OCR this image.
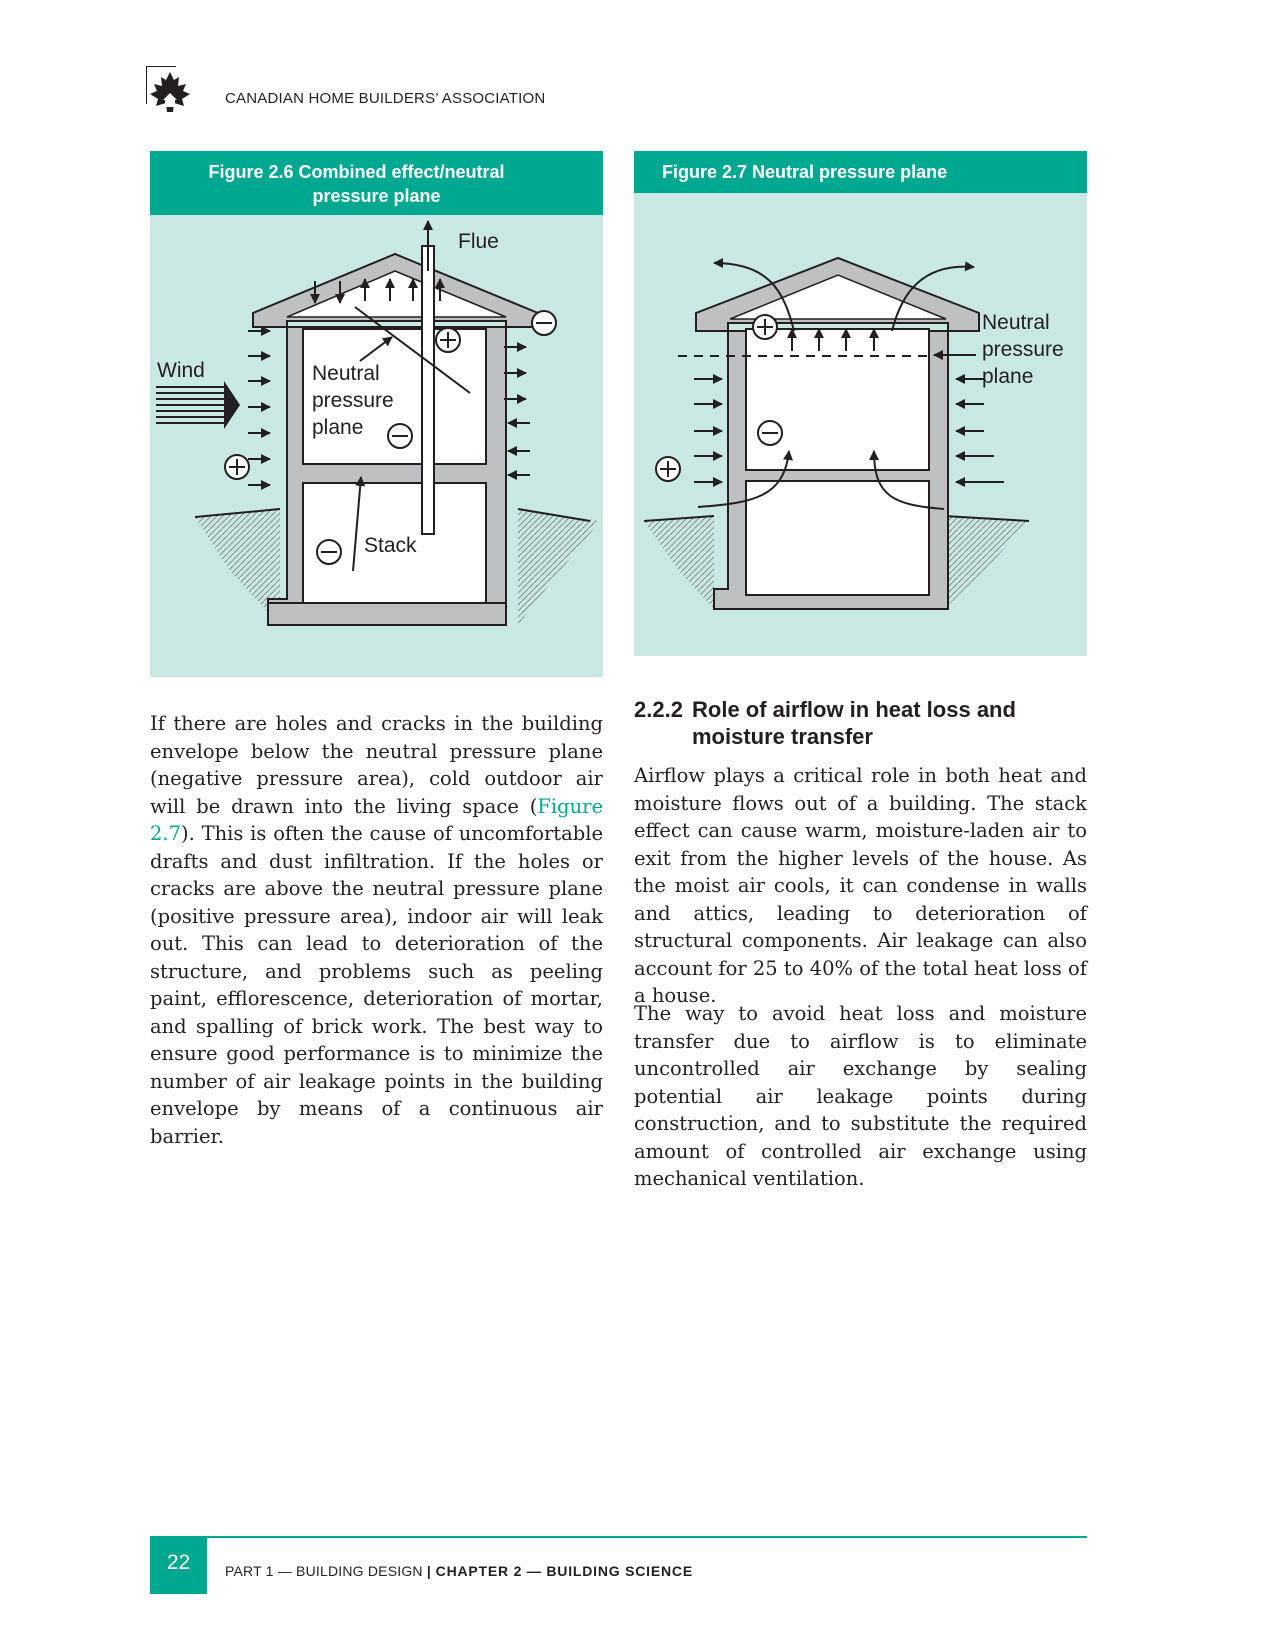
CANADIAN HOME BUILDERS’ ASSOCIATION
Figure 2.6 Combined effect/neutral
pressure plane
Flue
Wind	Neutral
pressure
plane
Stack
Figure 2.7 Neutral pressure plane
Neutral
pressure
plane

If there are holes and cracks in the building envelope below the neutral pressure plane (negative pressure area), cold outdoor air will be drawn into the living space (Figure 2.7). This is often the cause of uncomfortable drafts and dust infiltration. If the holes or cracks are above the neutral pressure plane (positive pressure area), indoor air will leak out. This can lead to deterioration of the structure, and problems such as peeling paint, efflorescence, deterioration of mortar, and spalling of brick work. The best way to ensure good performance is to minimize the number of air leakage points in the building envelope by means of a continuous air barrier.

2.2.2 Role of airflow in heat loss and
moisture transfer

Airflow plays a critical role in both heat and moisture flows out of a building. The stack effect can cause warm, moisture-laden air to exit from the higher levels of the house. As the moist air cools, it can condense in walls and attics, leading to deterioration of structural components. Air leakage can also account for 25 to 40% of the total heat loss of a house.

The way to avoid heat loss and moisture transfer due to airflow is to eliminate uncontrolled air exchange by sealing potential air leakage points during construction, and to substitute the required amount of controlled air exchange using mechanical ventilation.

22	PART 1 — BUILDING DESIGN | CHAPTER 2 — BUILDING SCIENCE
